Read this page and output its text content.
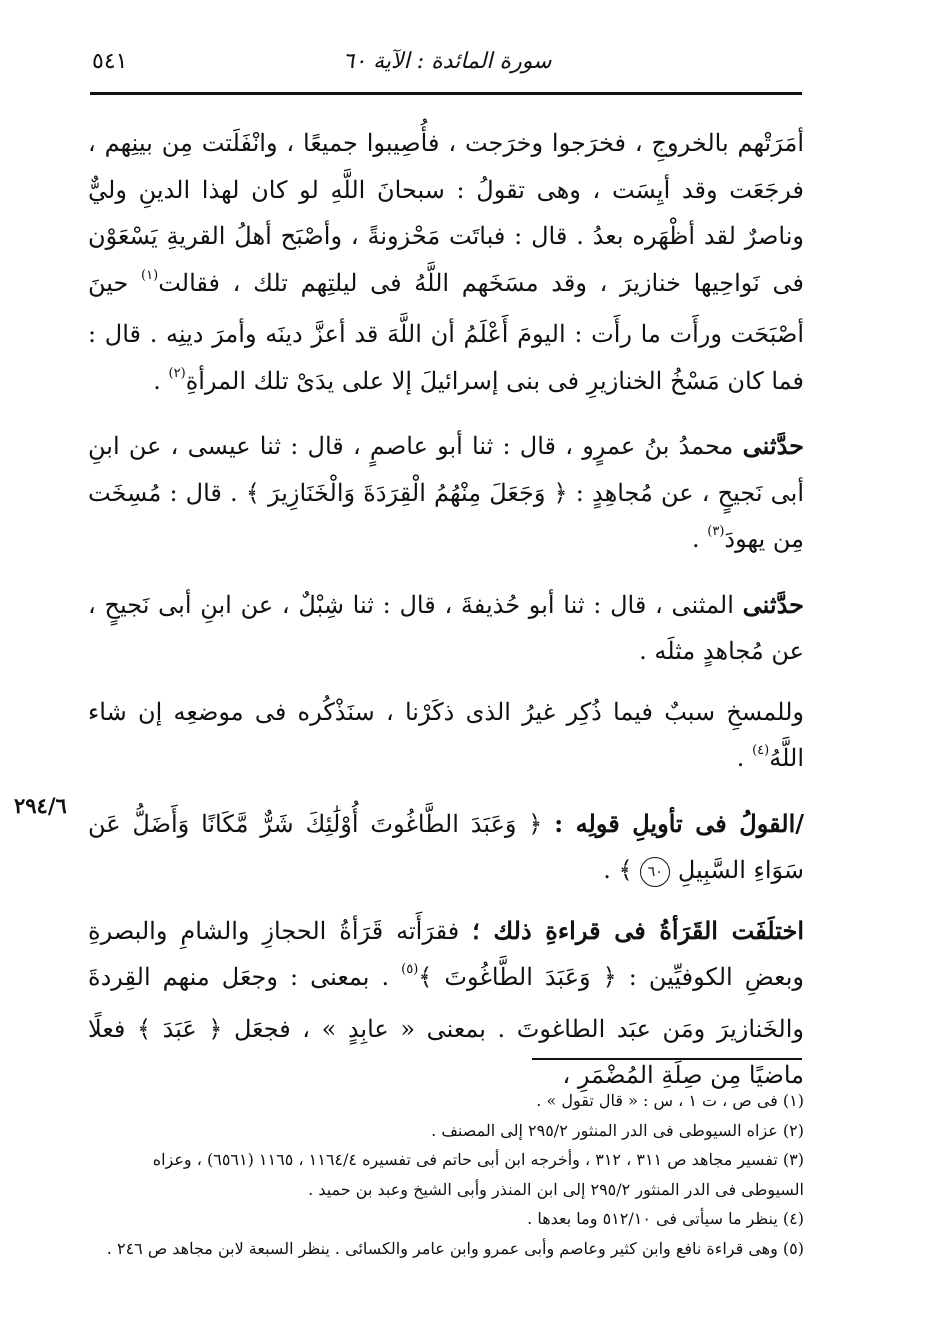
سورة المائدة : الآية ٦٠
٥٤١
٢٩٤/٦

أمَرَتْهم بالخروجِ ، فخرَجوا وخرَجت ، فأُصِيبوا جميعًا ، وانْفَلَتت مِن بينِهم ، فرجَعَت وقد أيِسَت ، وهى تقولُ : سبحانَ اللَّهِ لو كان لهذا الدينِ وليٌّ وناصرٌ لقد أظْهَره بعدُ . قال : فباتَت مَحْزونةً ، وأصْبَح أهلُ القريةِ يَسْعَوْن فى نَواحِيها خنازيرَ ، وقد مسَخَهم اللَّهُ فى ليلتِهم تلك ، فقالت$^{(١)}$ حينَ أصْبَحَت ورأَت ما رأَت : اليومَ أَعْلَمُ أن اللَّهَ قد أعزَّ دينَه وأمرَ دينِه . قال : فما كان مَسْخُ الخنازيرِ فى بنى إسرائيلَ إلا على يدَىْ تلك المرأةِ$^{(٢)}$ .

حدَّثنى محمدُ بنُ عمرٍو ، قال : ثنا أبو عاصمٍ ، قال : ثنا عيسى ، عن ابنِ أبى نَجيحٍ ، عن مُجاهِدٍ : ﴿ وَجَعَلَ مِنْهُمُ الْقِرَدَةَ وَالْخَنَازِيرَ ﴾ . قال : مُسِخَت مِن يهودَ$^{(٣)}$ .

حدَّثنى المثنى ، قال : ثنا أبو حُذيفةَ ، قال : ثنا شِبْلٌ ، عن ابنِ أبى نَجيحٍ ، عن مُجاهدٍ مثلَه .

وللمسخِ سببٌ فيما ذُكِر غيرُ الذى ذكَرْنا ، سنَذْكُره فى موضعِه إن شاء اللَّهُ$^{(٤)}$ .

/القولُ فى تأويلِ قولِه : ﴿ وَعَبَدَ الطَّاغُوتَ أُوْلَٰئِكَ شَرٌّ مَّكَانًا وَأَضَلُّ عَن سَوَاءِ السَّبِيلِ ٦٠ ﴾ .

اختلَفَت القَرَأةُ فى قراءةِ ذلك ؛ فقرَأَته قَرَأةُ الحجازِ والشامِ والبصرةِ وبعضِ الكوفيِّين : ﴿ وَعَبَدَ الطَّاغُوتَ ﴾$^{(٥)}$ . بمعنى : وجعَل منهم القِردةَ والخَنازيرَ ومَن عبَد الطاغوتَ . بمعنى « عابِدٍ » ، فجعَل ﴿ عَبَدَ ﴾ فعلًا ماضيًا مِن صِلَةِ المُضْمَرِ ،

(١) فى ص ، ت ١ ، س : « قال تقول » .

(٢) عزاه السيوطى فى الدر المنثور ٢٩٥/٢ إلى المصنف .

(٣) تفسير مجاهد ص ٣١١ ، ٣١٢ ، وأخرجه ابن أبى حاتم فى تفسيره ١١٦٤/٤ ، ١١٦٥ (٦٥٦١) ، وعزاه السيوطى فى الدر المنثور ٢٩٥/٢ إلى ابن المنذر وأبى الشيخ وعبد بن حميد .

(٤) ينظر ما سيأتى فى ٥١٢/١٠ وما بعدها .

(٥) وهى قراءة نافع وابن كثير وعاصم وأبى عمرو وابن عامر والكسائى . ينظر السبعة لابن مجاهد ص ٢٤٦ .
